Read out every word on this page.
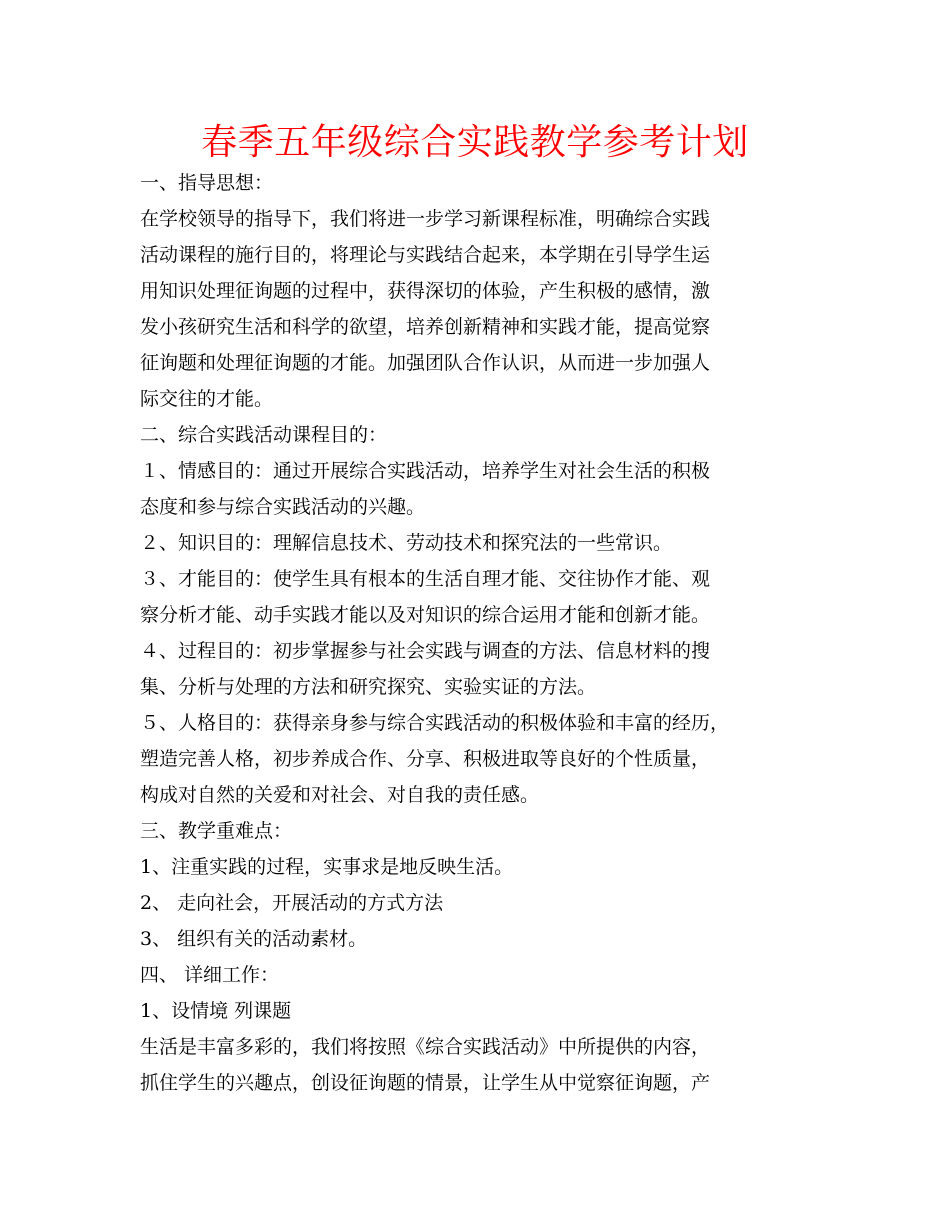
春季五年级综合实践教学参考计划
一、指导思想：
在学校领导的指导下，我们将进一步学习新课程标准，明确综合实践
活动课程的施行目的，将理论与实践结合起来，本学期在引导学生运
用知识处理征询题的过程中，获得深切的体验，产生积极的感情，激
发小孩研究生活和科学的欲望，培养创新精神和实践才能，提高觉察
征询题和处理征询题的才能。加强团队合作认识，从而进一步加强人
际交往的才能。
二、综合实践活动课程目的：
１、情感目的：通过开展综合实践活动，培养学生对社会生活的积极
态度和参与综合实践活动的兴趣。
２、知识目的：理解信息技术、劳动技术和探究法的一些常识。
３、才能目的：使学生具有根本的生活自理才能、交往协作才能、观
察分析才能、动手实践才能以及对知识的综合运用才能和创新才能。
４、过程目的：初步掌握参与社会实践与调查的方法、信息材料的搜
集、分析与处理的方法和研究探究、实验实证的方法。
５、人格目的：获得亲身参与综合实践活动的积极体验和丰富的经历，
塑造完善人格，初步养成合作、分享、积极进取等良好的个性质量，
构成对自然的关爱和对社会、对自我的责任感。
三、教学重难点：
1、注重实践的过程，实事求是地反映生活。
2、 走向社会，开展活动的方式方法
3、 组织有关的活动素材。
四、 详细工作：
1、设情境 列课题
生活是丰富多彩的，我们将按照《综合实践活动》中所提供的内容，
抓住学生的兴趣点，创设征询题的情景，让学生从中觉察征询题，产
